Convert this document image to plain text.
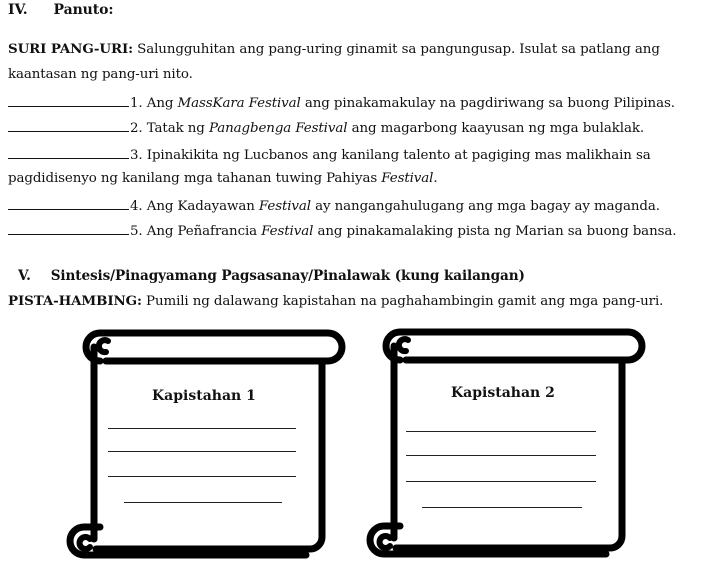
IV. Panuto:
SURI PANG-URI: Salungguhitan ang pang-uring ginamit sa pangungusap. Isulat sa patlang ang
kaantasan ng pang-uri nito.
1. Ang MassKara Festival ang pinakamakulay na pagdiriwang sa buong Pilipinas.
2. Tatak ng Panagbenga Festival ang magarbong kaayusan ng mga bulaklak.
3. Ipinakikita ng Lucbanos ang kanilang talento at pagiging mas malikhain sa
pagdidisenyo ng kanilang mga tahanan tuwing Pahiyas Festival.
4. Ang Kadayawan Festival ay nangangahulugang ang mga bagay ay maganda.
5. Ang Peñafrancia Festival ang pinakamalaking pista ng Marian sa buong bansa.
V. Sintesis/Pinagyamang Pagsasanay/Pinalawak (kung kailangan)
PISTA-HAMBING: Pumili ng dalawang kapistahan na paghahambingin gamit ang mga pang-uri.
Kapistahan 1	Kapistahan 2
